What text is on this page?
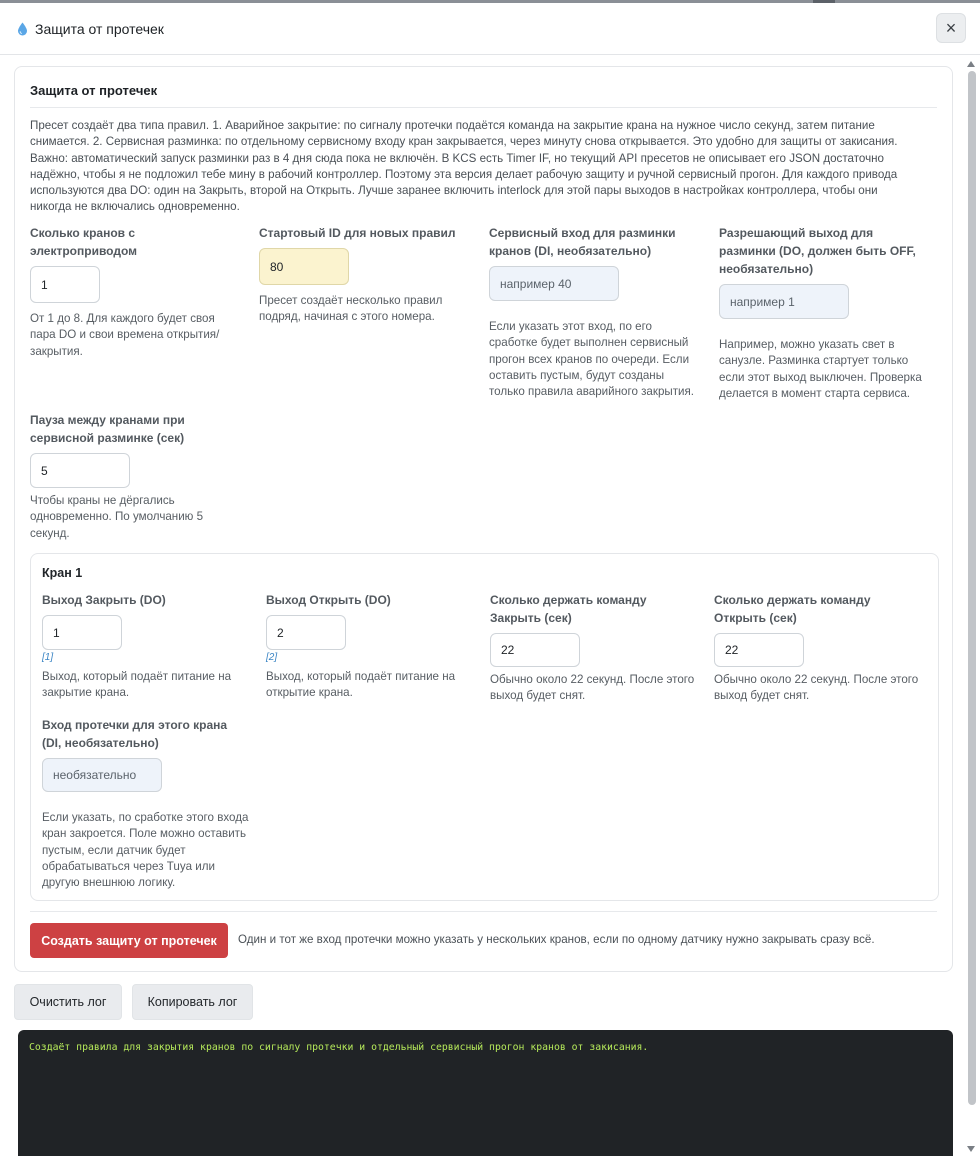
Защита от протечек	×
Защита от протечек
Пресет создаёт два типа правил. 1. Аварийное закрытие: по сигналу протечки подаётся команда на закрытие крана на нужное число секунд, затем питание
снимается. 2. Сервисная разминка: по отдельному сервисному входу кран закрывается, через минуту снова открывается. Это удобно для защиты от закисания.
Важно: автоматический запуск разминки раз в 4 дня сюда пока не включён. В KCS есть Timer IF, но текущий API пресетов не описывает его JSON достаточно
надёжно, чтобы я не подложил тебе мину в рабочий контроллер. Поэтому эта версия делает рабочую защиту и ручной сервисный прогон. Для каждого привода
используются два DO: один на Закрыть, второй на Открыть. Лучше заранее включить interlock для этой пары выходов в настройках контроллера, чтобы они
никогда не включались одновременно.
Сколько кранов с
электроприводом
1
От 1 до 8. Для каждого будет своя
пара DO и свои времена открытия/
закрытия.
Стартовый ID для новых правил
80
Пресет создаёт несколько правил
подряд, начиная с этого номера.
Сервисный вход для разминки
кранов (DI, необязательно)
например 40
Если указать этот вход, по его
сработке будет выполнен сервисный
прогон всех кранов по очереди. Если
оставить пустым, будут созданы
только правила аварийного закрытия.
Разрешающий выход для
разминки (DO, должен быть OFF,
необязательно)
например 1
Например, можно указать свет в
санузле. Разминка стартует только
если этот выход выключен. Проверка
делается в момент старта сервиса.
Пауза между кранами при
сервисной разминке (сек)
5
Чтобы краны не дёргались
одновременно. По умолчанию 5
секунд.
Кран 1
Выход Закрыть (DO)
1
[1]
Выход, который подаёт питание на
закрытие крана.
Выход Открыть (DO)
2
[2]
Выход, который подаёт питание на
открытие крана.
Сколько держать команду
Закрыть (сек)
22
Обычно около 22 секунд. После этого
выход будет снят.
Сколько держать команду
Открыть (сек)
22
Обычно около 22 секунд. После этого
выход будет снят.
Вход протечки для этого крана
(DI, необязательно)
необязательно
Если указать, по сработке этого входа
кран закроется. Поле можно оставить
пустым, если датчик будет
обрабатываться через Tuya или
другую внешнюю логику.
Создать защиту от протечек	Один и тот же вход протечки можно указать у нескольких кранов, если по одному датчику нужно закрывать сразу всё.
Очистить лог	Копировать лог
Создаёт правила для закрытия кранов по сигналу протечки и отдельный сервисный прогон кранов от закисания.
